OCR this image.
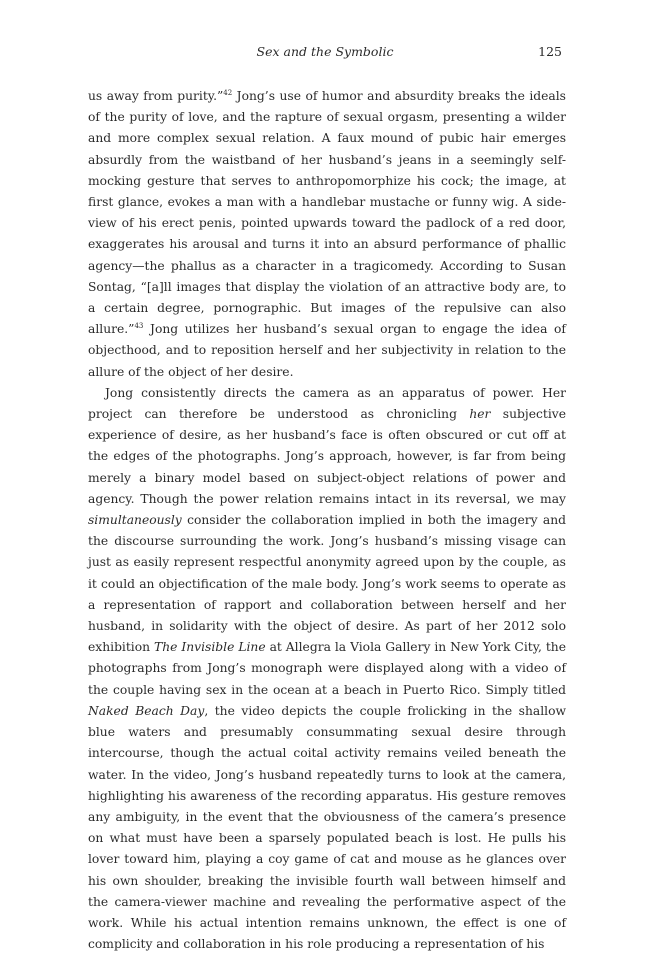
Sex and the Symbolic	125

us away from purity.”$^{42}$ Jong’s use of humor and absurdity breaks the ideals of the purity of love, and the rapture of sexual orgasm, presenting a wilder and more complex sexual relation. A faux mound of pubic hair emerges absurdly from the waistband of her husband’s jeans in a seemingly self-mocking gesture that serves to anthropomorphize his cock; the image, at first glance, evokes a man with a handlebar mustache or funny wig. A side-view of his erect penis, pointed upwards toward the padlock of a red door, exaggerates his arousal and turns it into an absurd performance of phallic agency—the phallus as a character in a tragicomedy. According to Susan Sontag, “[a]ll images that display the violation of an attractive body are, to a certain degree, pornographic. But images of the repulsive can also allure.”$^{43}$ Jong utilizes her husband’s sexual organ to engage the idea of objecthood, and to reposition herself and her subjectivity in relation to the allure of the object of her desire.

Jong consistently directs the camera as an apparatus of power. Her project can therefore be understood as chronicling her subjective experience of desire, as her husband’s face is often obscured or cut off at the edges of the photographs. Jong’s approach, however, is far from being merely a binary model based on subject-object relations of power and agency. Though the power relation remains intact in its reversal, we may simultaneously consider the collaboration implied in both the imagery and the discourse surrounding the work. Jong’s husband’s missing visage can just as easily represent respectful anonymity agreed upon by the couple, as it could an objectification of the male body. Jong’s work seems to operate as a representation of rapport and collaboration between herself and her husband, in solidarity with the object of desire. As part of her 2012 solo exhibition The Invisible Line at Allegra la Viola Gallery in New York City, the photographs from Jong’s monograph were displayed along with a video of the couple having sex in the ocean at a beach in Puerto Rico. Simply titled Naked Beach Day, the video depicts the couple frolicking in the shallow blue waters and presumably consummating sexual desire through intercourse, though the actual coital activity remains veiled beneath the water. In the video, Jong’s husband repeatedly turns to look at the camera, highlighting his awareness of the recording apparatus. His gesture removes any ambiguity, in the event that the obviousness of the camera’s presence on what must have been a sparsely populated beach is lost. He pulls his lover toward him, playing a coy game of cat and mouse as he glances over his own shoulder, breaking the invisible fourth wall between himself and the camera-viewer machine and revealing the performative aspect of the work. While his actual intention remains unknown, the effect is one of complicity and collaboration in his role producing a representation of his
